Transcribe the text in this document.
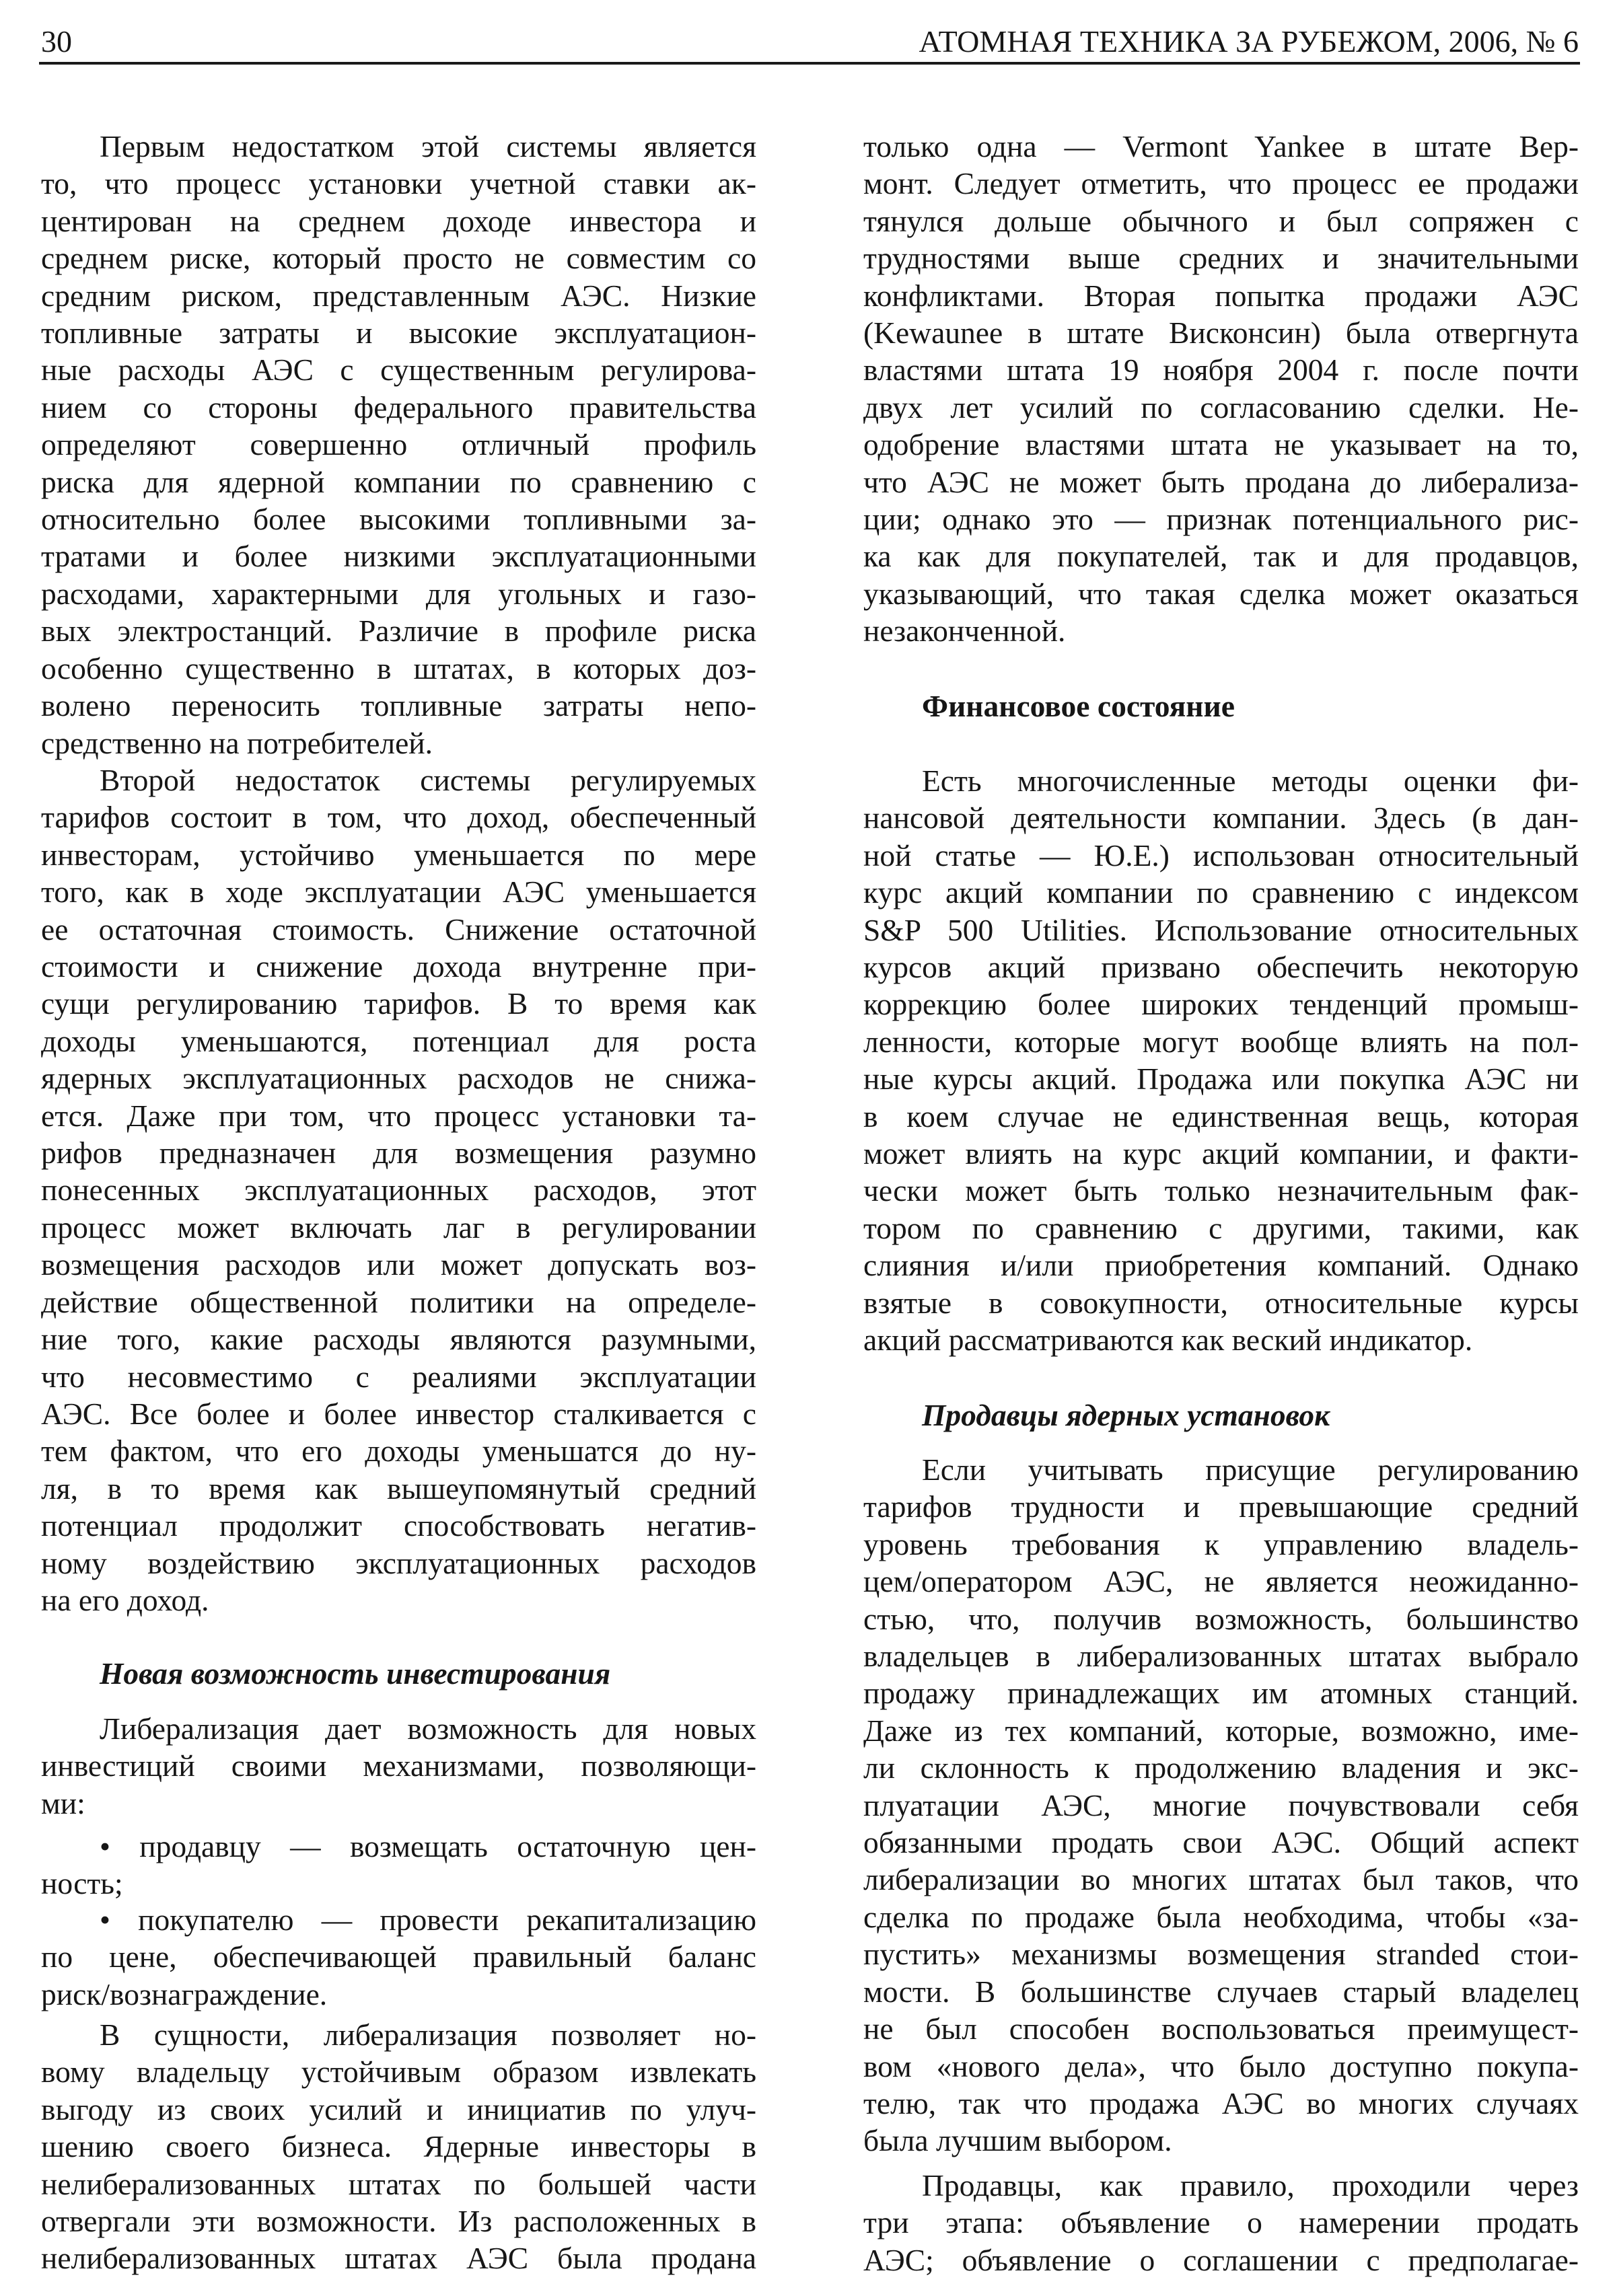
30	АТОМНАЯ ТЕХНИКА ЗА РУБЕЖОМ, 2006, № 6
Первым недостатком этой системы является
то, что процесс установки учетной ставки ак-
центирован на среднем доходе инвестора и
среднем риске, который просто не совместим со
средним риском, представленным АЭС. Низкие
топливные затраты и высокие эксплуатацион-
ные расходы АЭС с существенным регулирова-
нием со стороны федерального правительства
определяют совершенно отличный профиль
риска для ядерной компании по сравнению с
относительно более высокими топливными за-
тратами и более низкими эксплуатационными
расходами, характерными для угольных и газо-
вых электростанций. Различие в профиле риска
особенно существенно в штатах, в которых доз-
волено переносить топливные затраты непо-
средственно на потребителей.
Второй недостаток системы регулируемых
тарифов состоит в том, что доход, обеспеченный
инвесторам, устойчиво уменьшается по мере
того, как в ходе эксплуатации АЭС уменьшается
ее остаточная стоимость. Снижение остаточной
стоимости и снижение дохода внутренне при-
сущи регулированию тарифов. В то время как
доходы уменьшаются, потенциал для роста
ядерных эксплуатационных расходов не снижа-
ется. Даже при том, что процесс установки та-
рифов предназначен для возмещения разумно
понесенных эксплуатационных расходов, этот
процесс может включать лаг в регулировании
возмещения расходов или может допускать воз-
действие общественной политики на определе-
ние того, какие расходы являются разумными,
что несовместимо с реалиями эксплуатации
АЭС. Все более и более инвестор сталкивается с
тем фактом, что его доходы уменьшатся до ну-
ля, в то время как вышеупомянутый средний
потенциал продолжит способствовать негатив-
ному воздействию эксплуатационных расходов
на его доход.
Новая возможность инвестирования
Либерализация дает возможность для новых
инвестиций своими механизмами, позволяющи-
ми:
• продавцу — возмещать остаточную цен-
ность;
• покупателю — провести рекапитализацию
по цене, обеспечивающей правильный баланс
риск/вознаграждение.
В сущности, либерализация позволяет но-
вому владельцу устойчивым образом извлекать
выгоду из своих усилий и инициатив по улуч-
шению своего бизнеса. Ядерные инвесторы в
нелиберализованных штатах по большей части
отвергали эти возможности. Из расположенных в
нелиберализованных штатах АЭС была продана
только одна — Vermont Yankee в штате Вер-
монт. Следует отметить, что процесс ее продажи
тянулся дольше обычного и был сопряжен с
трудностями выше средних и значительными
конфликтами. Вторая попытка продажи АЭС
(Kewaunee в штате Висконсин) была отвергнута
властями штата 19 ноября 2004 г. после почти
двух лет усилий по согласованию сделки. Не-
одобрение властями штата не указывает на то,
что АЭС не может быть продана до либерализа-
ции; однако это — признак потенциального рис-
ка как для покупателей, так и для продавцов,
указывающий, что такая сделка может оказаться
незаконченной.
Финансовое состояние
Есть многочисленные методы оценки фи-
нансовой деятельности компании. Здесь (в дан-
ной статье — Ю.Е.) использован относительный
курс акций компании по сравнению с индексом
S&P 500 Utilities. Использование относительных
курсов акций призвано обеспечить некоторую
коррекцию более широких тенденций промыш-
ленности, которые могут вообще влиять на пол-
ные курсы акций. Продажа или покупка АЭС ни
в коем случае не единственная вещь, которая
может влиять на курс акций компании, и факти-
чески может быть только незначительным фак-
тором по сравнению с другими, такими, как
слияния и/или приобретения компаний. Однако
взятые в совокупности, относительные курсы
акций рассматриваются как веский индикатор.
Продавцы ядерных установок
Если учитывать присущие регулированию
тарифов трудности и превышающие средний
уровень требования к управлению владель-
цем/оператором АЭС, не является неожиданно-
стью, что, получив возможность, большинство
владельцев в либерализованных штатах выбрало
продажу принадлежащих им атомных станций.
Даже из тех компаний, которые, возможно, име-
ли склонность к продолжению владения и экс-
плуатации АЭС, многие почувствовали себя
обязанными продать свои АЭС. Общий аспект
либерализации во многих штатах был таков, что
сделка по продаже была необходима, чтобы «за-
пустить» механизмы возмещения stranded стои-
мости. В большинстве случаев старый владелец
не был способен воспользоваться преимущест-
вом «нового дела», что было доступно покупа-
телю, так что продажа АЭС во многих случаях
была лучшим выбором.
Продавцы, как правило, проходили через
три этапа: объявление о намерении продать
АЭС; объявление о соглашении с предполагае-
